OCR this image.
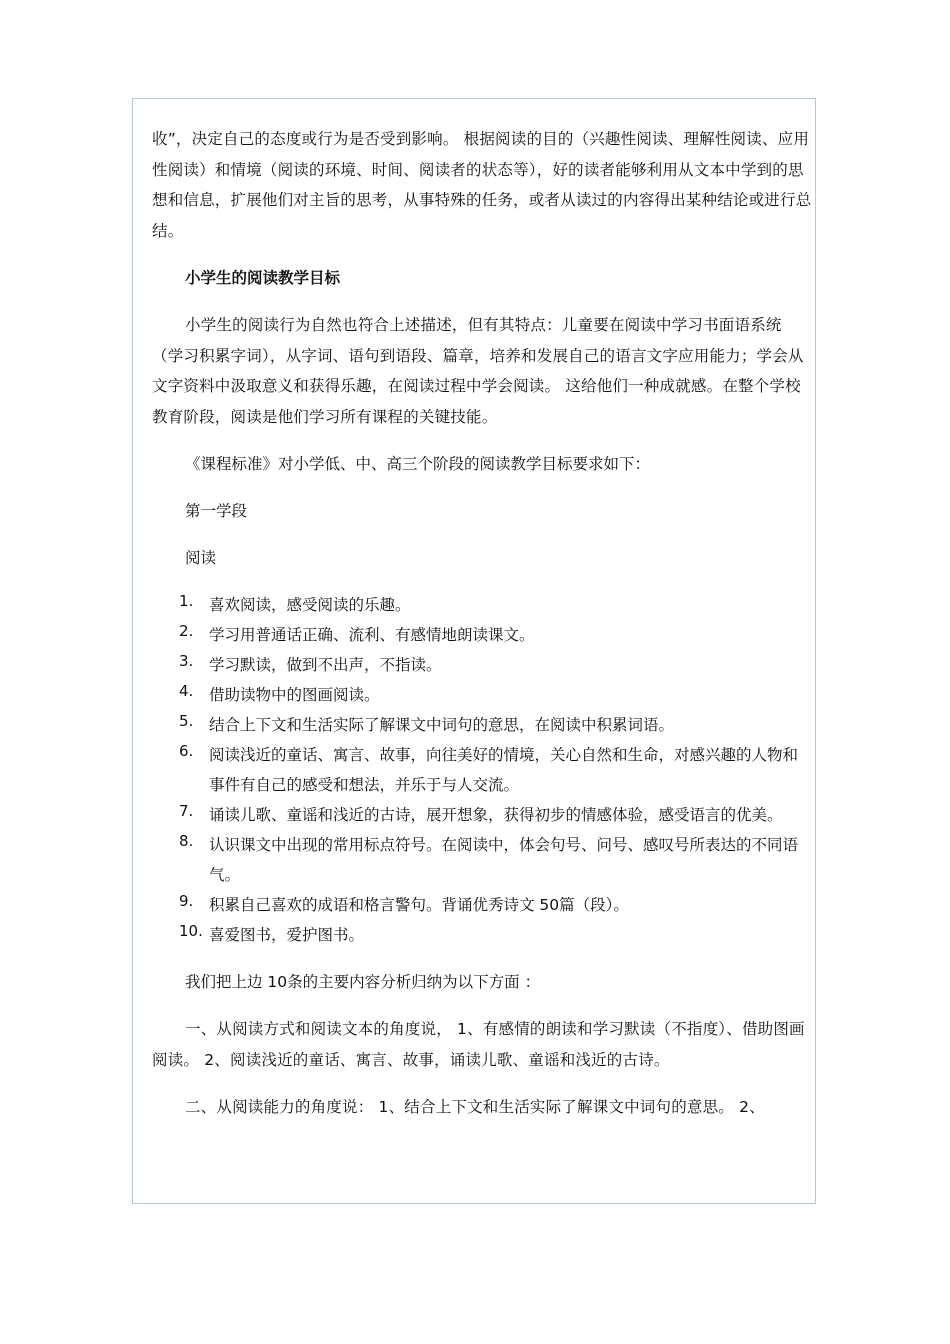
收”，决定自己的态度或行为是否受到影响。 根据阅读的目的（兴趣性阅读、理解性阅读、应用性阅读）和情境（阅读的环境、时间、阅读者的状态等），好的读者能够利用从文本中学到的思想和信息，扩展他们对主旨的思考，从事特殊的任务，或者从读过的内容得出某种结论或进行总结。

小学生的阅读教学目标

小学生的阅读行为自然也符合上述描述，但有其特点：儿童要在阅读中学习书面语系统（学习积累字词），从字词、语句到语段、篇章，培养和发展自己的语言文字应用能力；学会从文字资料中汲取意义和获得乐趣，在阅读过程中学会阅读。 这给他们一种成就感。在整个学校教育阶段，阅读是他们学习所有课程的关键技能。

《课程标准》对小学低、中、高三个阶段的阅读教学目标要求如下：

第一学段

阅读

1. 喜欢阅读，感受阅读的乐趣。
2. 学习用普通话正确、流利、有感情地朗读课文。
3. 学习默读，做到不出声，不指读。
4. 借助读物中的图画阅读。
5. 结合上下文和生活实际了解课文中词句的意思，在阅读中积累词语。
6. 阅读浅近的童话、寓言、故事，向往美好的情境，关心自然和生命，对感兴趣的人物和事件有自己的感受和想法，并乐于与人交流。
7. 诵读儿歌、童谣和浅近的古诗，展开想象，获得初步的情感体验，感受语言的优美。
8. 认识课文中出现的常用标点符号。在阅读中，体会句号、问号、感叹号所表达的不同语气。
9. 积累自己喜欢的成语和格言警句。背诵优秀诗文 50篇（段）。
10. 喜爱图书，爱护图书。

我们把上边 10条的主要内容分析归纳为以下方面 ：

一、从阅读方式和阅读文本的角度说， 1、有感情的朗读和学习默读（不指度）、借助图画阅读。 2、阅读浅近的童话、寓言、故事，诵读儿歌、童谣和浅近的古诗。

二、从阅读能力的角度说： 1、结合上下文和生活实际了解课文中词句的意思。 2、
